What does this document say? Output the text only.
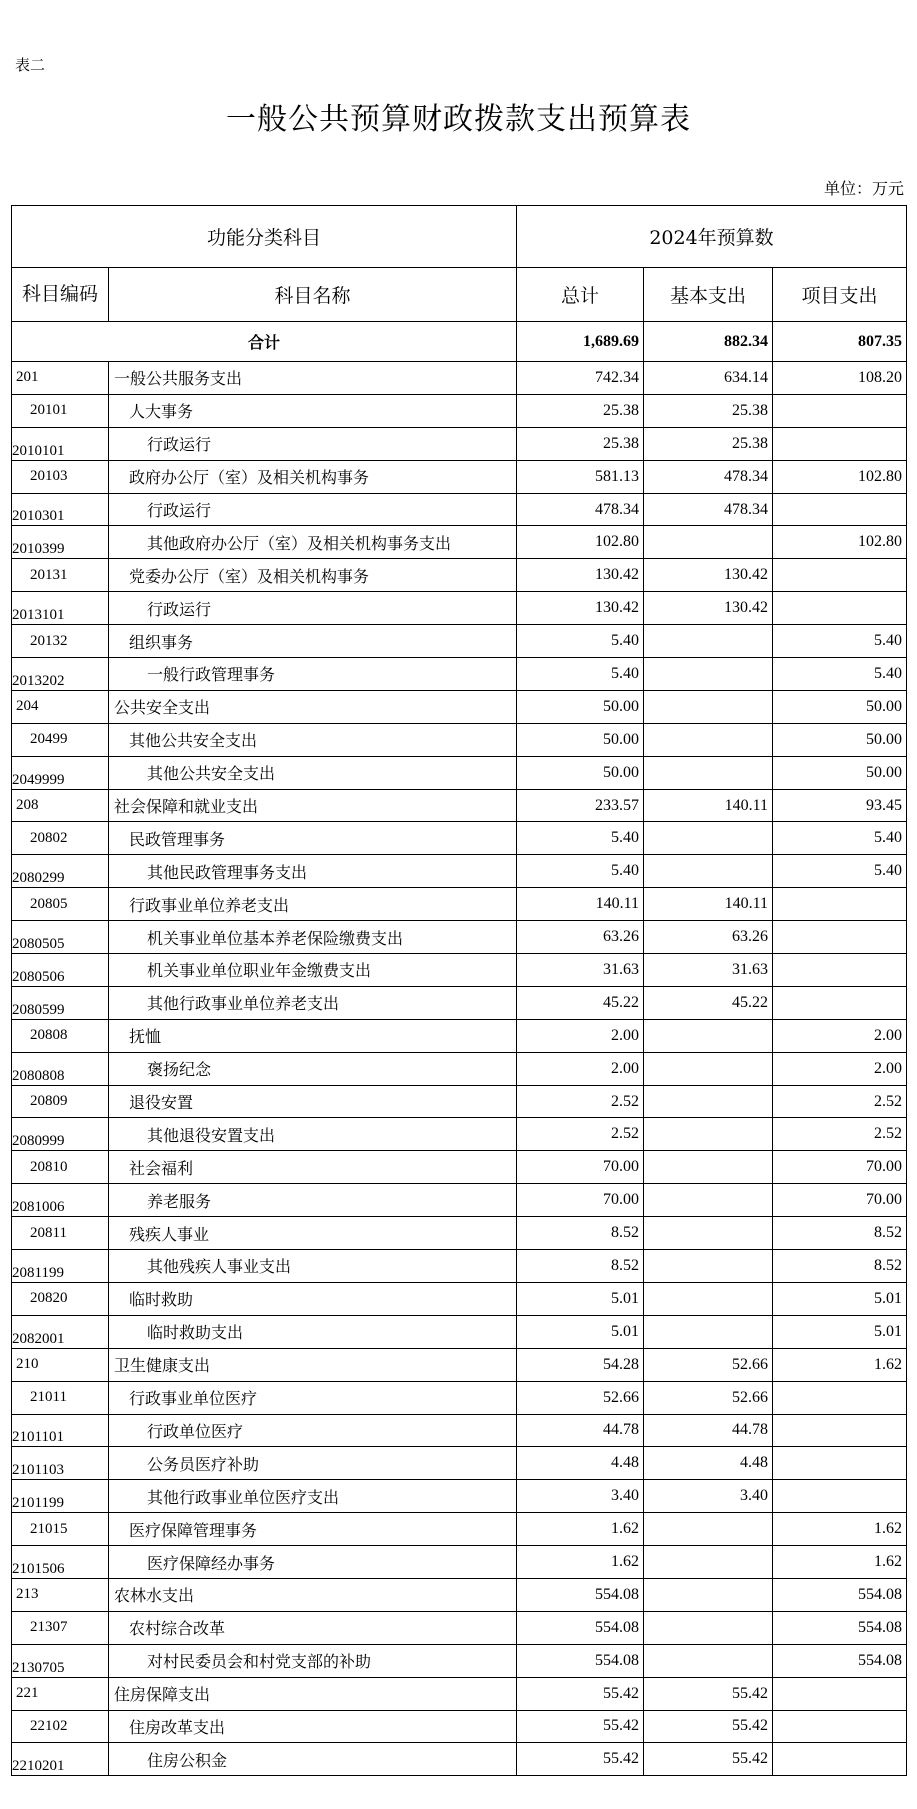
表二
一般公共预算财政拨款支出预算表
单位：万元
功能分类科目		2024年预算数		
科目编码	科目名称	总计	基本支出	项目支出
合计		1,689.69	882.34	807.35
201	一般公共服务支出	742.34	634.14	108.20
20101	人大事务	25.38	25.38	
2010101	行政运行	25.38	25.38	
20103	政府办公厅（室）及相关机构事务	581.13	478.34	102.80
2010301	行政运行	478.34	478.34	
2010399	其他政府办公厅（室）及相关机构事务支出	102.80		102.80
20131	党委办公厅（室）及相关机构事务	130.42	130.42	
2013101	行政运行	130.42	130.42	
20132	组织事务	5.40		5.40
2013202	一般行政管理事务	5.40		5.40
204	公共安全支出	50.00		50.00
20499	其他公共安全支出	50.00		50.00
2049999	其他公共安全支出	50.00		50.00
208	社会保障和就业支出	233.57	140.11	93.45
20802	民政管理事务	5.40		5.40
2080299	其他民政管理事务支出	5.40		5.40
20805	行政事业单位养老支出	140.11	140.11	
2080505	机关事业单位基本养老保险缴费支出	63.26	63.26	
2080506	机关事业单位职业年金缴费支出	31.63	31.63	
2080599	其他行政事业单位养老支出	45.22	45.22	
20808	抚恤	2.00		2.00
2080808	褒扬纪念	2.00		2.00
20809	退役安置	2.52		2.52
2080999	其他退役安置支出	2.52		2.52
20810	社会福利	70.00		70.00
2081006	养老服务	70.00		70.00
20811	残疾人事业	8.52		8.52
2081199	其他残疾人事业支出	8.52		8.52
20820	临时救助	5.01		5.01
2082001	临时救助支出	5.01		5.01
210	卫生健康支出	54.28	52.66	1.62
21011	行政事业单位医疗	52.66	52.66	
2101101	行政单位医疗	44.78	44.78	
2101103	公务员医疗补助	4.48	4.48	
2101199	其他行政事业单位医疗支出	3.40	3.40	
21015	医疗保障管理事务	1.62		1.62
2101506	医疗保障经办事务	1.62		1.62
213	农林水支出	554.08		554.08
21307	农村综合改革	554.08		554.08
2130705	对村民委员会和村党支部的补助	554.08		554.08
221	住房保障支出	55.42	55.42	
22102	住房改革支出	55.42	55.42	
2210201	住房公积金	55.42	55.42	
